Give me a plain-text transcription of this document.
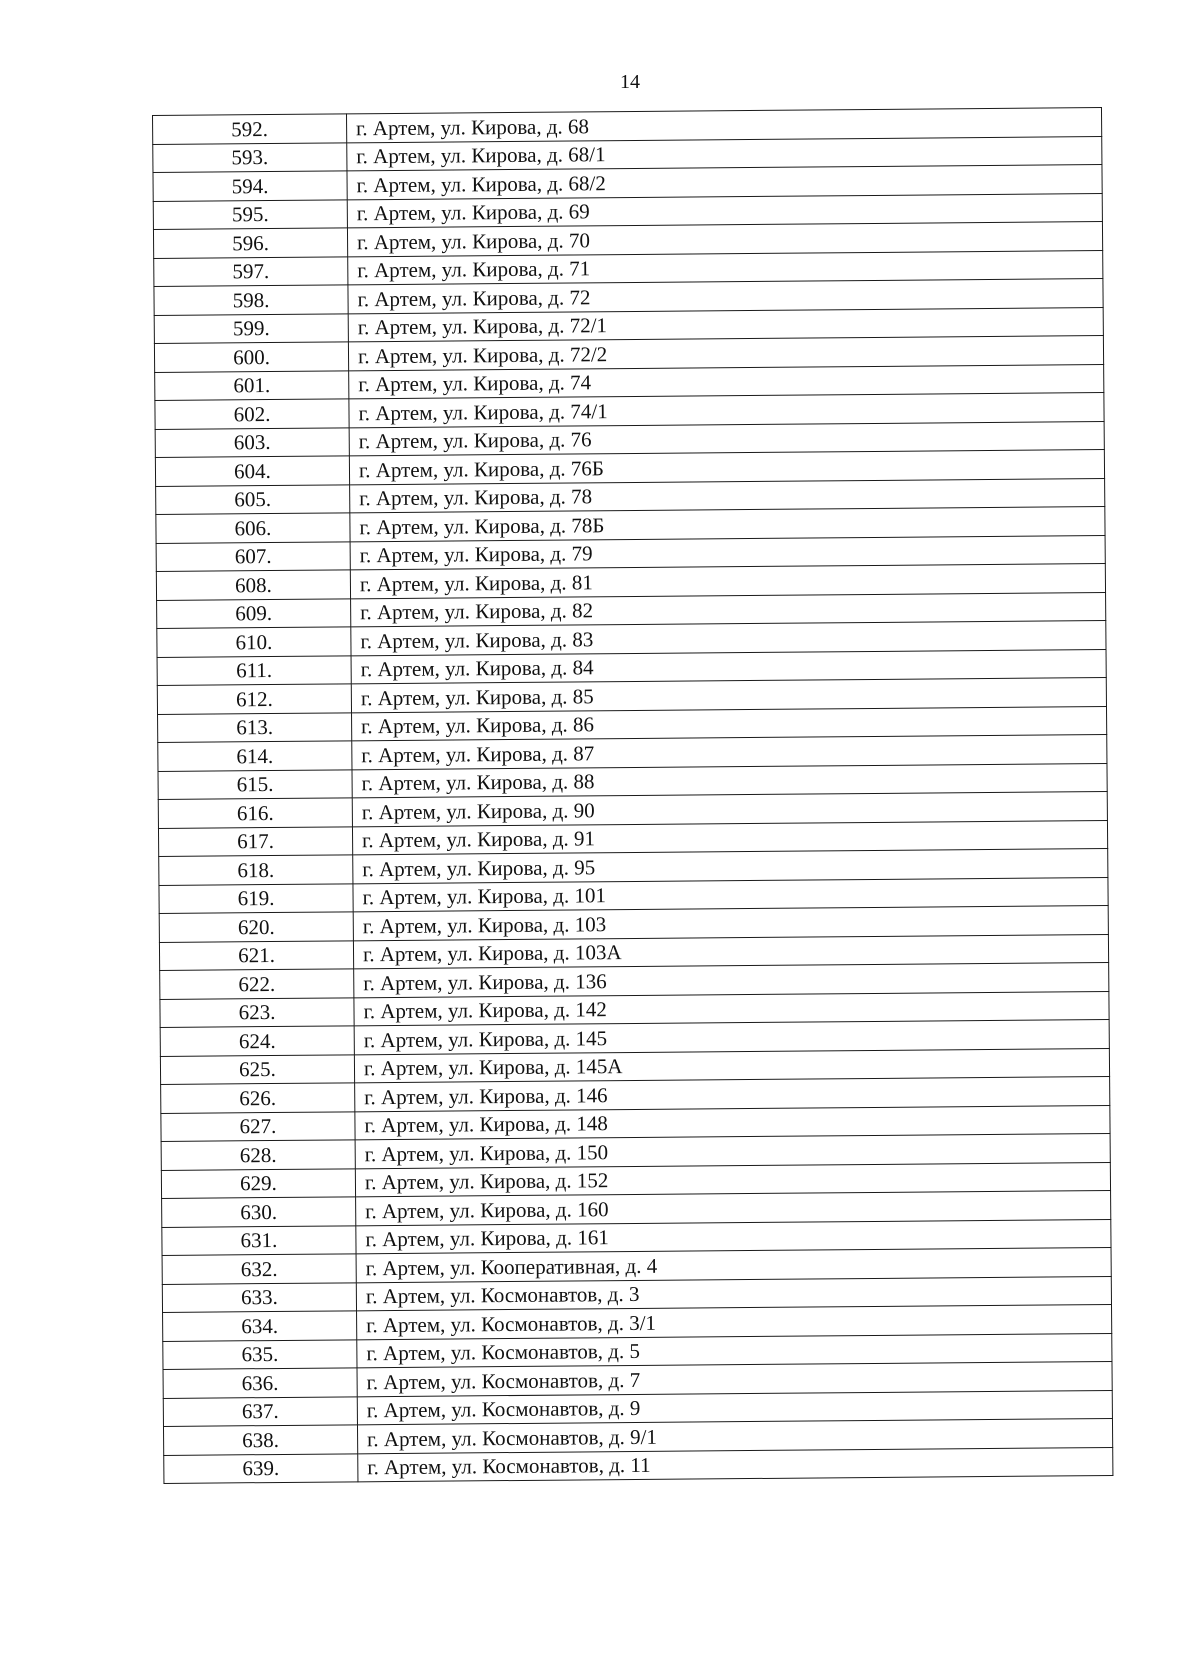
14
592.	г. Артем, ул. Кирова, д. 68
593.	г. Артем, ул. Кирова, д. 68/1
594.	г. Артем, ул. Кирова, д. 68/2
595.	г. Артем, ул. Кирова, д. 69
596.	г. Артем, ул. Кирова, д. 70
597.	г. Артем, ул. Кирова, д. 71
598.	г. Артем, ул. Кирова, д. 72
599.	г. Артем, ул. Кирова, д. 72/1
600.	г. Артем, ул. Кирова, д. 72/2
601.	г. Артем, ул. Кирова, д. 74
602.	г. Артем, ул. Кирова, д. 74/1
603.	г. Артем, ул. Кирова, д. 76
604.	г. Артем, ул. Кирова, д. 76Б
605.	г. Артем, ул. Кирова, д. 78
606.	г. Артем, ул. Кирова, д. 78Б
607.	г. Артем, ул. Кирова, д. 79
608.	г. Артем, ул. Кирова, д. 81
609.	г. Артем, ул. Кирова, д. 82
610.	г. Артем, ул. Кирова, д. 83
611.	г. Артем, ул. Кирова, д. 84
612.	г. Артем, ул. Кирова, д. 85
613.	г. Артем, ул. Кирова, д. 86
614.	г. Артем, ул. Кирова, д. 87
615.	г. Артем, ул. Кирова, д. 88
616.	г. Артем, ул. Кирова, д. 90
617.	г. Артем, ул. Кирова, д. 91
618.	г. Артем, ул. Кирова, д. 95
619.	г. Артем, ул. Кирова, д. 101
620.	г. Артем, ул. Кирова, д. 103
621.	г. Артем, ул. Кирова, д. 103А
622.	г. Артем, ул. Кирова, д. 136
623.	г. Артем, ул. Кирова, д. 142
624.	г. Артем, ул. Кирова, д. 145
625.	г. Артем, ул. Кирова, д. 145А
626.	г. Артем, ул. Кирова, д. 146
627.	г. Артем, ул. Кирова, д. 148
628.	г. Артем, ул. Кирова, д. 150
629.	г. Артем, ул. Кирова, д. 152
630.	г. Артем, ул. Кирова, д. 160
631.	г. Артем, ул. Кирова, д. 161
632.	г. Артем, ул. Кооперативная, д. 4
633.	г. Артем, ул. Космонавтов, д. 3
634.	г. Артем, ул. Космонавтов, д. 3/1
635.	г. Артем, ул. Космонавтов, д. 5
636.	г. Артем, ул. Космонавтов, д. 7
637.	г. Артем, ул. Космонавтов, д. 9
638.	г. Артем, ул. Космонавтов, д. 9/1
639.	г. Артем, ул. Космонавтов, д. 11
